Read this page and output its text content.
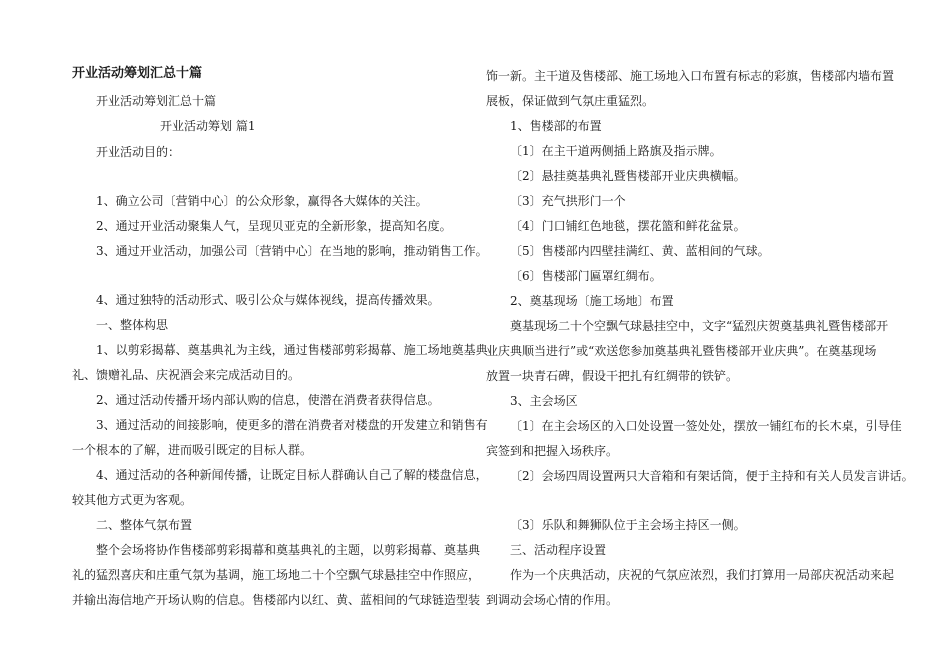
开业活动筹划汇总十篇
开业活动筹划汇总十篇
开业活动筹划 篇1
开业活动目的：
1、确立公司〔营销中心〕的公众形象，赢得各大媒体的关注。
2、通过开业活动聚集人气，呈现贝亚克的全新形象，提高知名度。
3、通过开业活动，加强公司〔营销中心〕在当地的影响，推动销售工作。
4、通过独特的活动形式、吸引公众与媒体视线，提高传播效果。
一、整体构思
1、以剪彩揭幕、奠基典礼为主线，通过售楼部剪彩揭幕、施工场地奠基典
礼、馈赠礼品、庆祝酒会来完成活动目的。
2、通过活动传播开场内部认购的信息，使潜在消费者获得信息。
3、通过活动的间接影响，使更多的潜在消费者对楼盘的开发建立和销售有
一个根本的了解，进而吸引既定的目标人群。
4、通过活动的各种新闻传播，让既定目标人群确认自己了解的楼盘信息，
较其他方式更为客观。
二、整体气氛布置
整个会场将协作售楼部剪彩揭幕和奠基典礼的主题，以剪彩揭幕、奠基典
礼的猛烈喜庆和庄重气氛为基调，施工场地二十个空飘气球悬挂空中作照应，
并输出海信地产开场认购的信息。售楼部内以红、黄、蓝相间的气球链造型装
饰一新。主干道及售楼部、施工场地入口布置有标志的彩旗，售楼部内墙布置
展板，保证做到气氛庄重猛烈。
1、售楼部的布置
〔1〕在主干道两侧插上路旗及指示牌。
〔2〕悬挂奠基典礼暨售楼部开业庆典横幅。
〔3〕充气拱形门一个
〔4〕门口铺红色地毯，摆花篮和鲜花盆景。
〔5〕售楼部内四壁挂满红、黄、蓝相间的气球。
〔6〕售楼部门匾罩红绸布。
2、奠基现场〔施工场地〕布置
奠基现场二十个空飘气球悬挂空中，文字“猛烈庆贺奠基典礼暨售楼部开
业庆典顺当进行”或“欢送您参加奠基典礼暨售楼部开业庆典”。在奠基现场
放置一块青石碑，假设干把扎有红绸带的铁铲。
3、主会场区
〔1〕在主会场区的入口处设置一签处处，摆放一铺红布的长木桌，引导佳
宾签到和把握入场秩序。
〔2〕会场四周设置两只大音箱和有架话筒，便于主持和有关人员发言讲话。
〔3〕乐队和舞狮队位于主会场主持区一侧。
三、活动程序设置
作为一个庆典活动，庆祝的气氛应浓烈，我们打算用一局部庆祝活动来起
到调动会场心情的作用。
